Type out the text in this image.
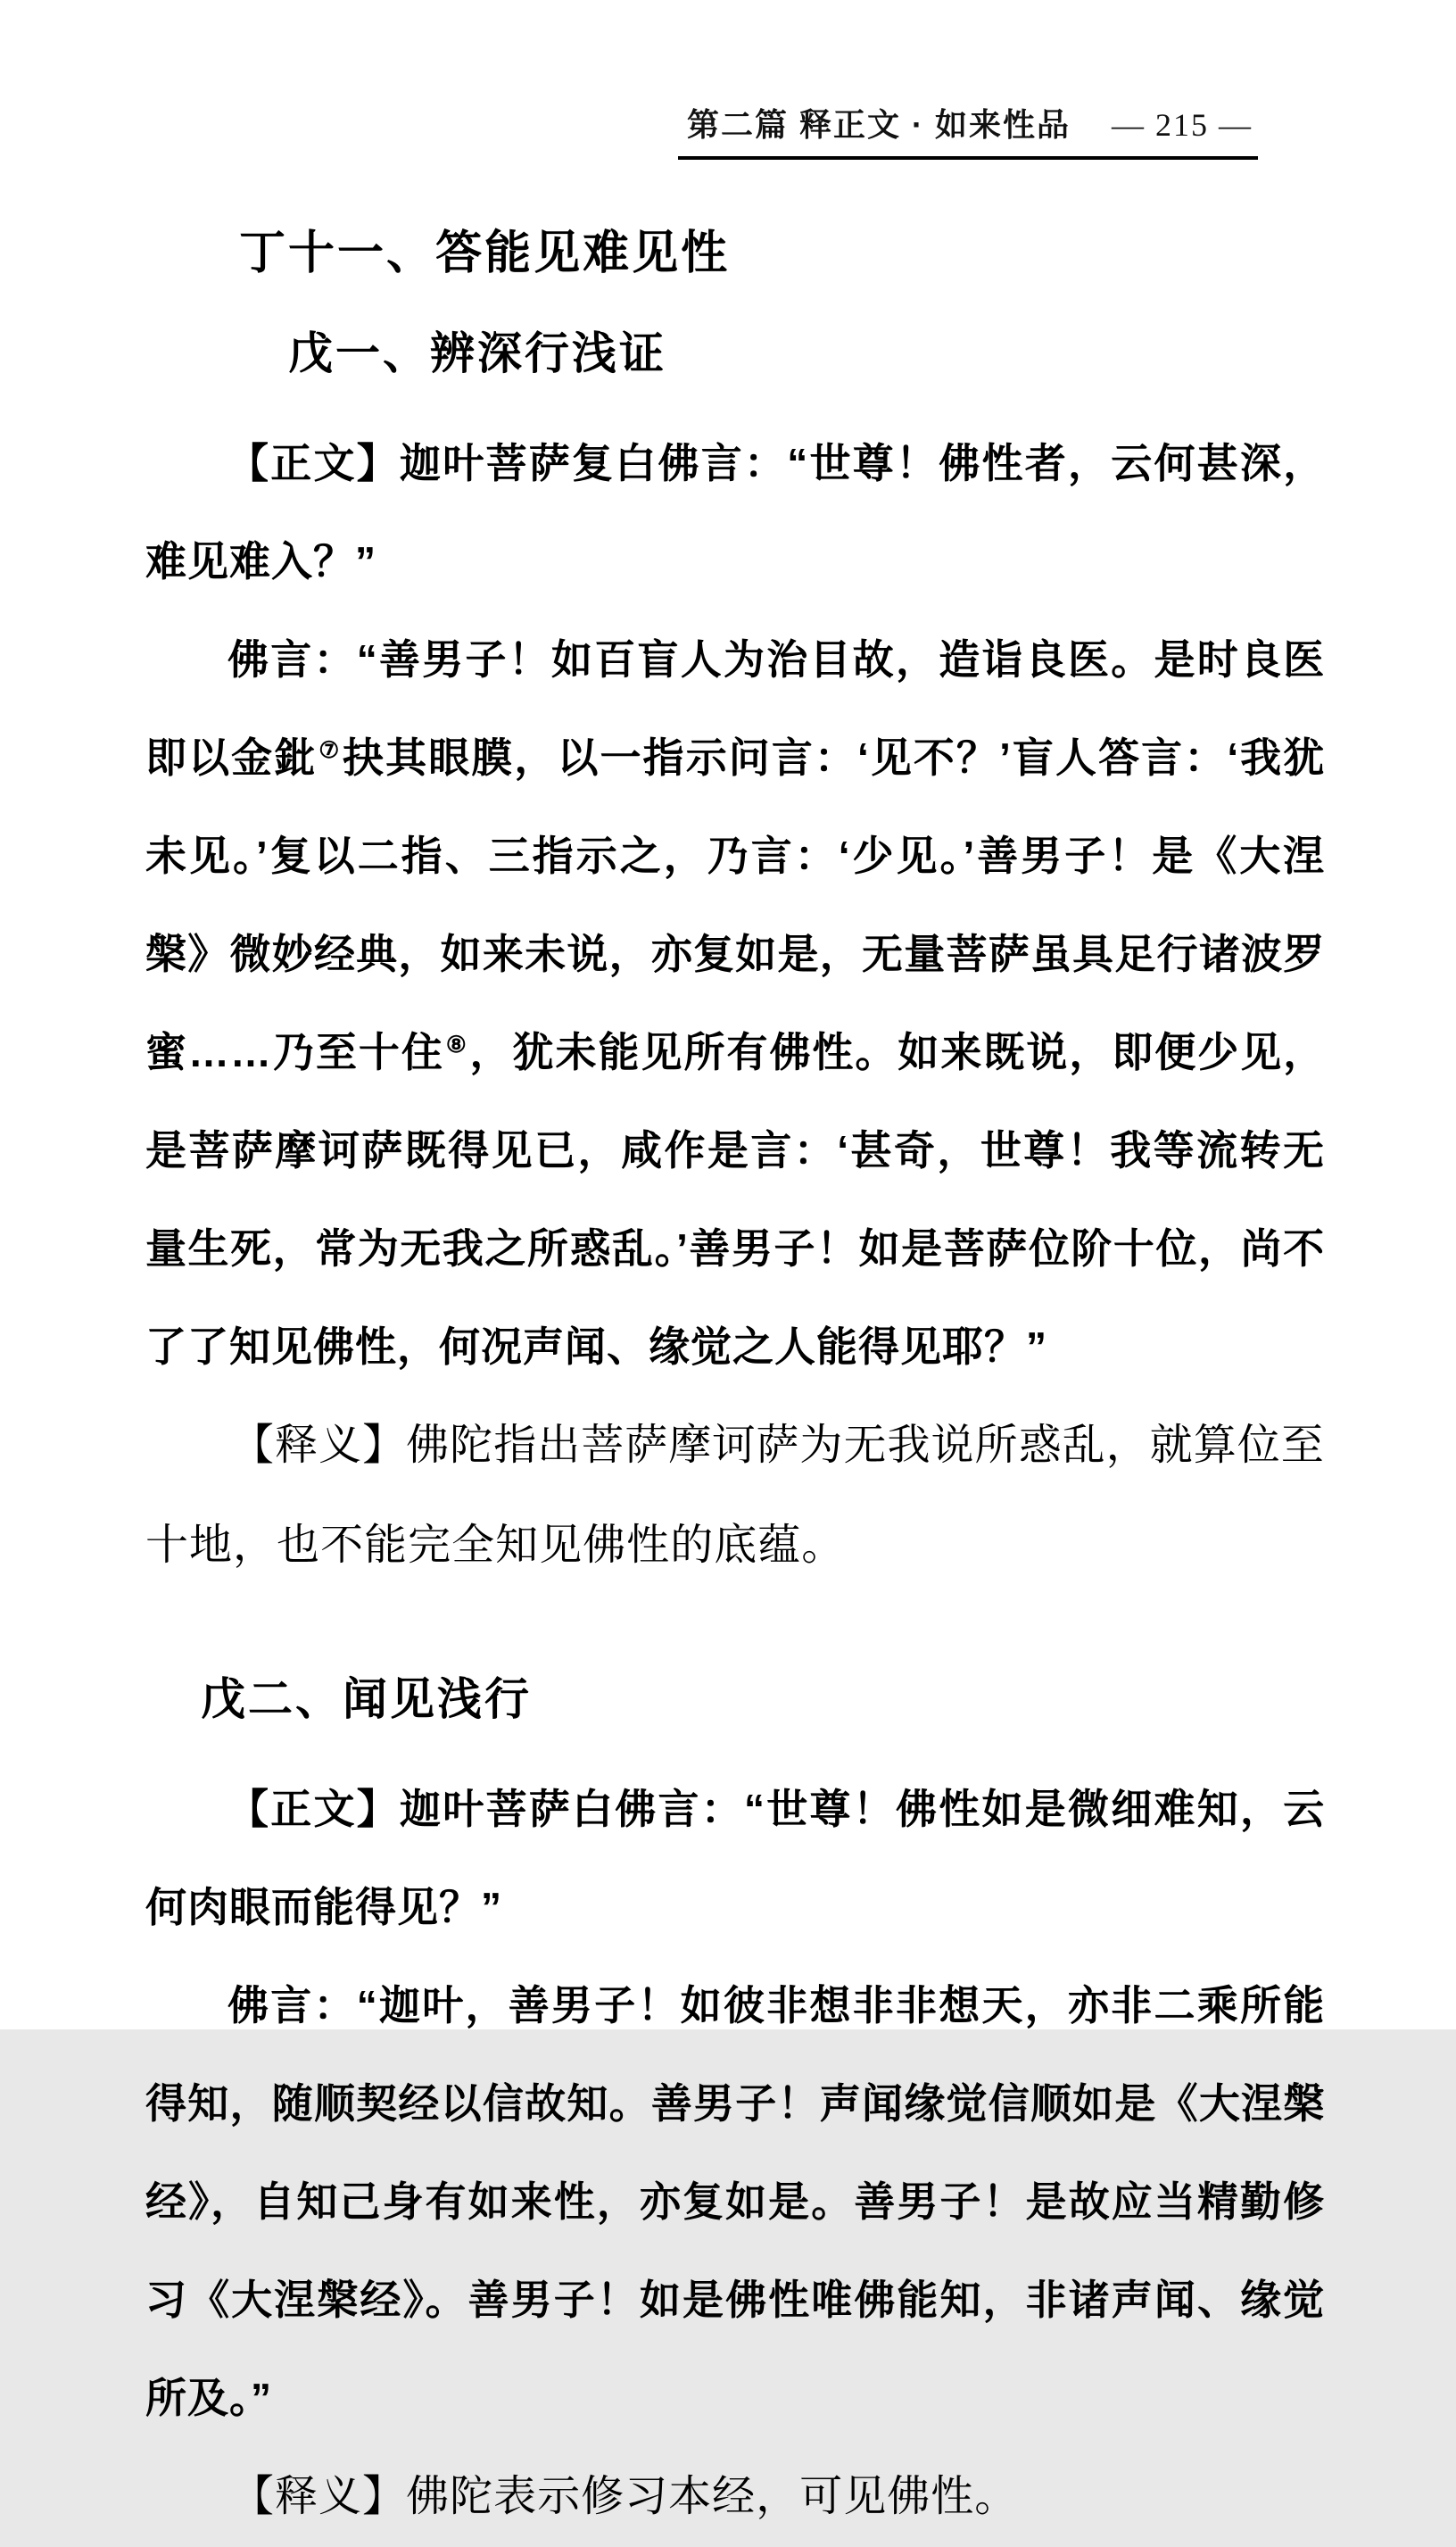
第二篇 释正文 · 如来性品 — 215 —
丁十一、答能见难见性
戊一、辨深行浅证

【正文】迦叶菩萨复白佛言：“世尊！佛性者，云何甚深，难见难入？”

佛言：“善男子！如百盲人为治目故，造诣良医。是时良医即以金鈚⑦抉其眼膜，以一指示问言：‘见不？’盲人答言：‘我犹未见。’复以二指、三指示之，乃言：‘少见。’善男子！是《大涅槃》微妙经典，如来未说，亦复如是，无量菩萨虽具足行诸波罗蜜……乃至十住⑧，犹未能见所有佛性。如来既说，即便少见，是菩萨摩诃萨既得见已，咸作是言：‘甚奇，世尊！我等流转无量生死，常为无我之所惑乱。’善男子！如是菩萨位阶十位，尚不了了知见佛性，何况声闻、缘觉之人能得见耶？”

【释义】佛陀指出菩萨摩诃萨为无我说所惑乱，就算位至十地，也不能完全知见佛性的底蕴。

戊二、闻见浅行

【正文】迦叶菩萨白佛言：“世尊！佛性如是微细难知，云何肉眼而能得见？”

佛言：“迦叶，善男子！如彼非想非非想天，亦非二乘所能得知，随顺契经以信故知。善男子！声闻缘觉信顺如是《大涅槃经》，自知己身有如来性，亦复如是。善男子！是故应当精勤修习《大涅槃经》。善男子！如是佛性唯佛能知，非诸声闻、缘觉所及。”

【释义】佛陀表示修习本经，可见佛性。
